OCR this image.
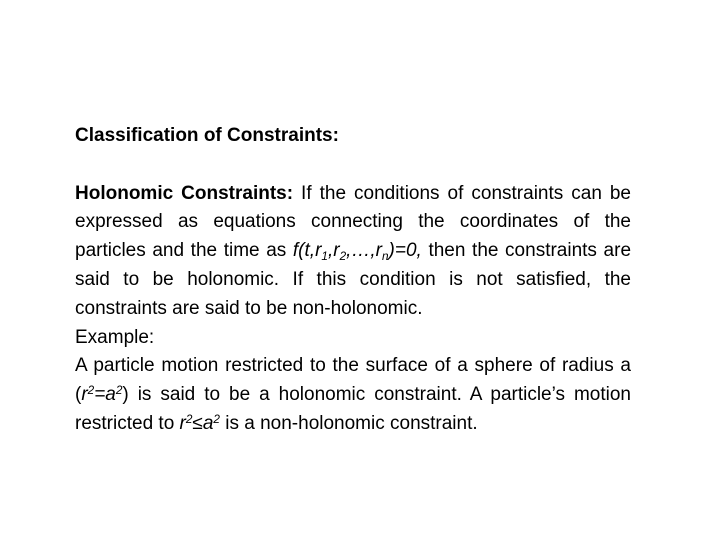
Classification of Constraints:

Holonomic Constraints: If the conditions of constraints can be expressed as equations connecting the coordinates of the particles and the time as $f(t,r_1,r_2,\dots,r_n)=0$, then the constraints are said to be holonomic. If this condition is not satisfied, the constraints are said to be non-holonomic.

Example:

A particle motion restricted to the surface of a sphere of radius a $(r^2=a^2)$ is said to be a holonomic constraint. A particle’s motion restricted to $r^2\le a^2$ is a non-holonomic constraint.
